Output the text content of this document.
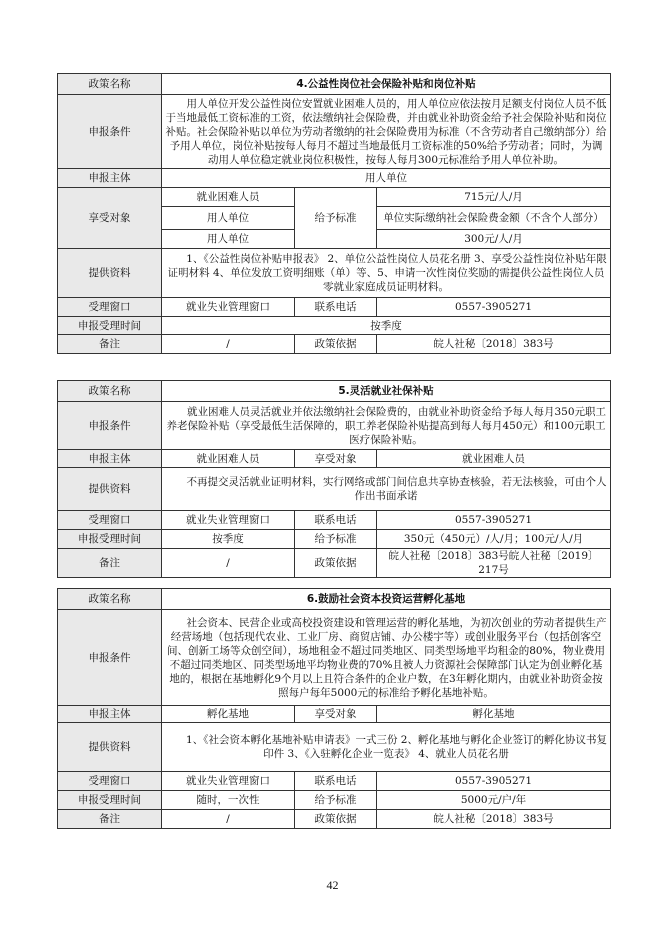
政策名称	4.公益性岗位社会保险补贴和岗位补贴		
申报条件	用人单位开发公益性岗位安置就业困难人员的，用人单位应依法按月足额支付岗位人员不低于当地最低工资标准的工资，依法缴纳社会保险费，并由就业补助资金给予社会保险补贴和岗位补贴。社会保险补贴以单位为劳动者缴纳的社会保险费用为标准（不含劳动者自己缴纳部分）给予用人单位，岗位补贴按每人每月不超过当地最低月工资标准的50%给予劳动者；同时，为调动用人单位稳定就业岗位积极性，按每人每月300元标准给予用人单位补助。		
申报主体	用人单位		
享受对象	就业困难人员	给予标准	715元/人/月
	用人单位		单位实际缴纳社会保险费金额（不含个人部分）
	用人单位		300元/人/月
提供资料	1、《公益性岗位补贴申报表》 2、单位公益性岗位人员花名册 3、享受公益性岗位补贴年限证明材料 4、单位发放工资明细账（单）等、5、申请一次性岗位奖励的需提供公益性岗位人员零就业家庭成员证明材料。		
受理窗口	就业失业管理窗口	联系电话	0557-3905271
申报受理时间	按季度		
备注	/	政策依据	皖人社秘〔2018〕383号
政策名称	5.灵活就业社保补贴		
申报条件	就业困难人员灵活就业并依法缴纳社会保险费的，由就业补助资金给予每人每月350元职工养老保险补贴（享受最低生活保障的，职工养老保险补贴提高到每人每月450元）和100元职工医疗保险补贴。		
申报主体	就业困难人员	享受对象	就业困难人员
提供资料	不再提交灵活就业证明材料，实行网络或部门间信息共享协查核验，若无法核验，可由个人作出书面承诺		
受理窗口	就业失业管理窗口	联系电话	0557-3905271
申报受理时间	按季度	给予标准	350元（450元）/人/月；100元/人/月
备注	/	政策依据	皖人社秘〔2018〕383号皖人社秘〔2019〕217号
政策名称	6.鼓励社会资本投资运营孵化基地		
申报条件	社会资本、民营企业或高校投资建设和管理运营的孵化基地，为初次创业的劳动者提供生产经营场地（包括现代农业、工业厂房、商贸店铺、办公楼宇等）或创业服务平台（包括创客空间、创新工场等众创空间），场地租金不超过同类地区、同类型场地平均租金的80%，物业费用不超过同类地区、同类型场地平均物业费的70%且被人力资源社会保障部门认定为创业孵化基地的，根据在基地孵化9个月以上且符合条件的企业户数，在3年孵化期内，由就业补助资金按照每户每年5000元的标准给予孵化基地补贴。		
申报主体	孵化基地	享受对象	孵化基地
提供资料	1、《社会资本孵化基地补贴申请表》一式三份 2、孵化基地与孵化企业签订的孵化协议书复印件 3、《入驻孵化企业一览表》 4、就业人员花名册		
受理窗口	就业失业管理窗口	联系电话	0557-3905271
申报受理时间	随时，一次性	给予标准	5000元/户/年
备注	/	政策依据	皖人社秘〔2018〕383号
42
